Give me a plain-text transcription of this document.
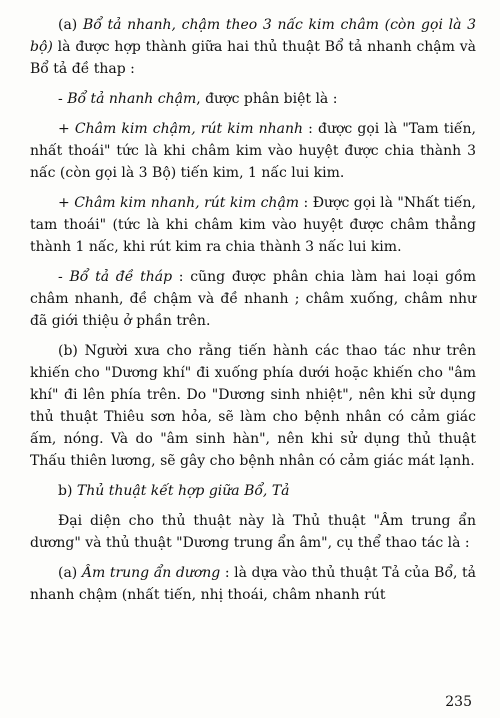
(a) Bổ tả nhanh, chậm theo 3 nấc kim châm (còn gọi là 3 bộ) là được hợp thành giữa hai thủ thuật Bổ tả nhanh chậm và Bổ tả đề thap :

- Bổ tả nhanh chậm, được phân biệt là :

+ Châm kim chậm, rút kim nhanh : được gọi là "Tam tiến, nhất thoái" tức là khi châm kim vào huyệt được chia thành 3 nấc (còn gọi là 3 Bộ) tiến kim, 1 nấc lui kim.

+ Châm kim nhanh, rút kim chậm : Được gọi là "Nhất tiến, tam thoái" (tức là khi châm kim vào huyệt được châm thẳng thành 1 nấc, khi rút kim ra chia thành 3 nấc lui kim.

- Bổ tả đề tháp : cũng được phân chia làm hai loại gồm châm nhanh, đề chậm và đề nhanh ; châm xuống, châm như đã giới thiệu ở phần trên.

(b) Người xưa cho rằng tiến hành các thao tác như trên khiến cho "Dương khí" đi xuống phía dưới hoặc khiến cho "âm khí" đi lên phía trên. Do "Dương sinh nhiệt", nên khi sử dụng thủ thuật Thiêu sơn hỏa, sẽ làm cho bệnh nhân có cảm giác ấm, nóng. Và do "âm sinh hàn", nên khi sử dụng thủ thuật Thấu thiên lương, sẽ gây cho bệnh nhân có cảm giác mát lạnh.

b) Thủ thuật kết hợp giữa Bổ, Tả

Đại diện cho thủ thuật này là Thủ thuật "Âm trung ẩn dương" và thủ thuật "Dương trung ẩn âm", cụ thể thao tác là :

(a) Âm trung ẩn dương : là dựa vào thủ thuật Tả của Bổ, tả nhanh chậm (nhất tiến, nhị thoái, châm nhanh rút

235
